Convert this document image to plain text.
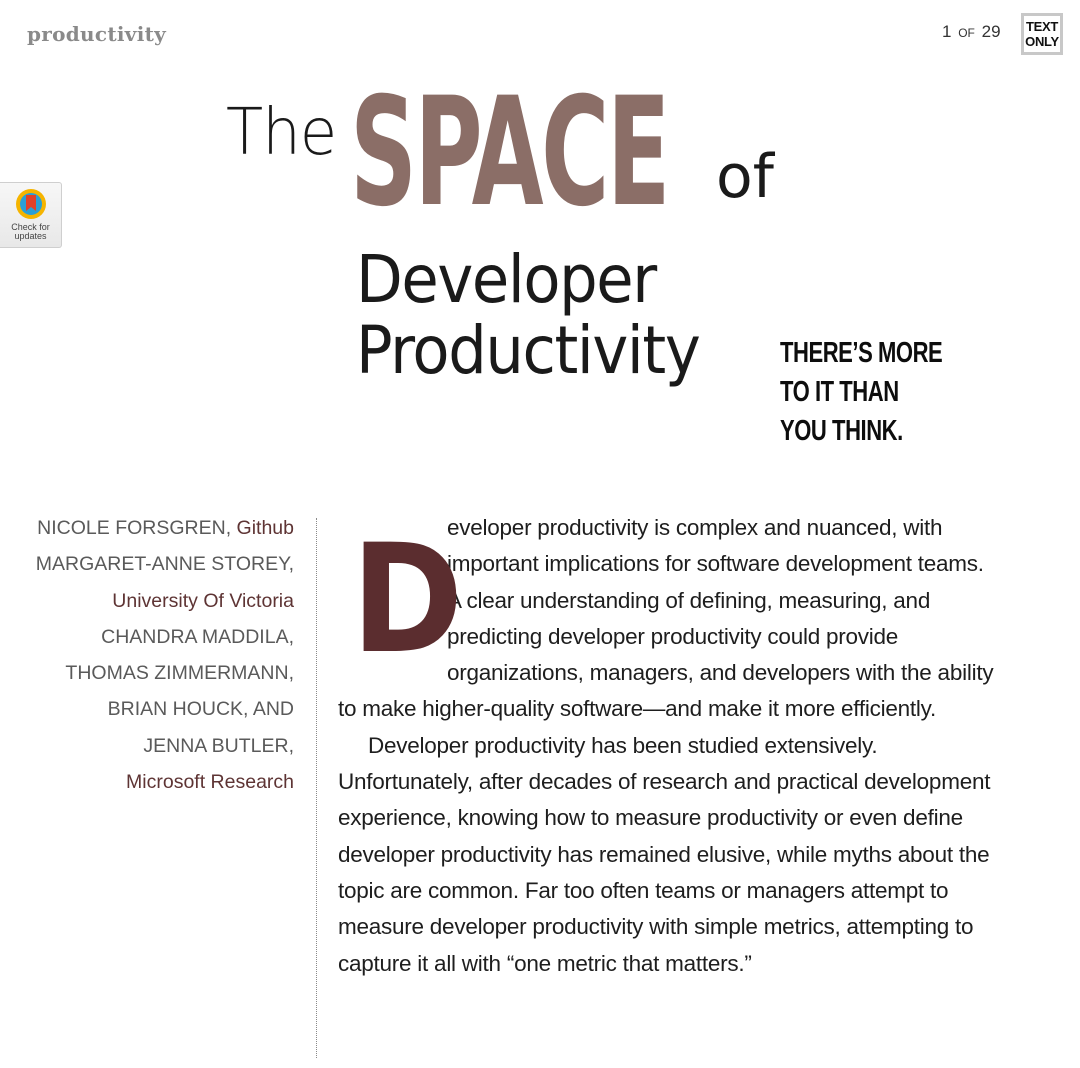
productivity	1 OF 29 TEXT
ONLY
Check for
updates
The SPACE of
Developer
Productivity	THERE’S MORE
TO IT THAN
YOU THINK.
NICOLE FORSGREN, Github
MARGARET-ANNE STOREY,
University Of Victoria
CHANDRA MADDILA,
THOMAS ZIMMERMANN,
BRIAN HOUCK, AND
JENNA BUTLER,
Microsoft Research

D
eveloper productivity is complex and nuanced, with important implications for software development teams. A clear understanding of defining, measuring, and predicting developer productivity could provide organizations, managers, and developers with the ability to make higher-quality software—and make it more efficiently.

Developer productivity has been studied extensively. Unfortunately, after decades of research and practical development experience, knowing how to measure productivity or even define developer productivity has remained elusive, while myths about the topic are common. Far too often teams or managers attempt to measure developer productivity with simple metrics, attempting to capture it all with “one metric that matters.”
